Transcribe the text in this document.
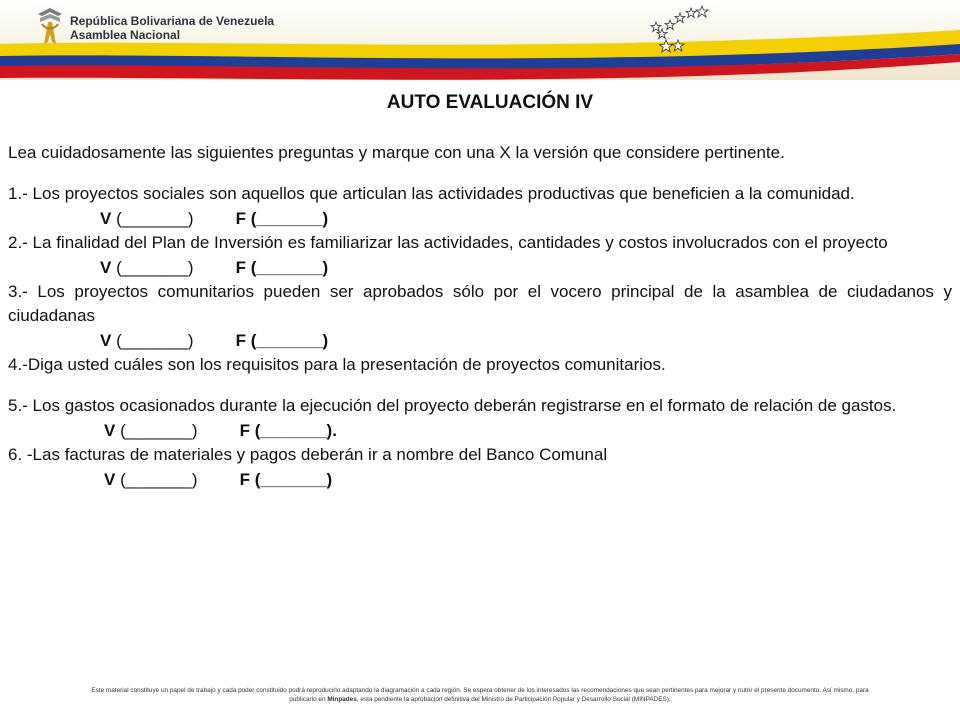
República Bolivariana de Venezuela
Asamblea Nacional
AUTO EVALUACIÓN IV

Lea cuidadosamente las siguientes preguntas y marque con una X la versión que considere pertinente.

1.- Los proyectos sociales son aquellos que articulan las actividades productivas que beneficien a la comunidad.

V (_______) F (_______)

2.- La finalidad del Plan de Inversión es familiarizar las actividades, cantidades y costos involucrados con el proyecto

V (_______) F (_______)

3.- Los proyectos comunitarios pueden ser aprobados sólo por el vocero principal de la asamblea de ciudadanos y ciudadanas

V (_______) F (_______)

4.-Diga usted cuáles son los requisitos para la presentación de proyectos comunitarios.

5.- Los gastos ocasionados durante la ejecución del proyecto deberán registrarse en el formato de relación de gastos.

V (_______) F (_______).

6. -Las facturas de materiales y pagos deberán ir a nombre del Banco Comunal

V (_______) F (_______)

Este material constituye un papel de trabajo y cada poder constituido podrá reproducirlo adaptando la diagramación a cada región. Se espera obtener de los interesados las recomendaciones que sean pertinentes para mejorar y nutrir el presente documento. Así mismo, para
publicarlo en Minpades, esta pendiente la aprobación definitiva del Ministro de Participación Popular y Desarrollo Social (MINPADES).
